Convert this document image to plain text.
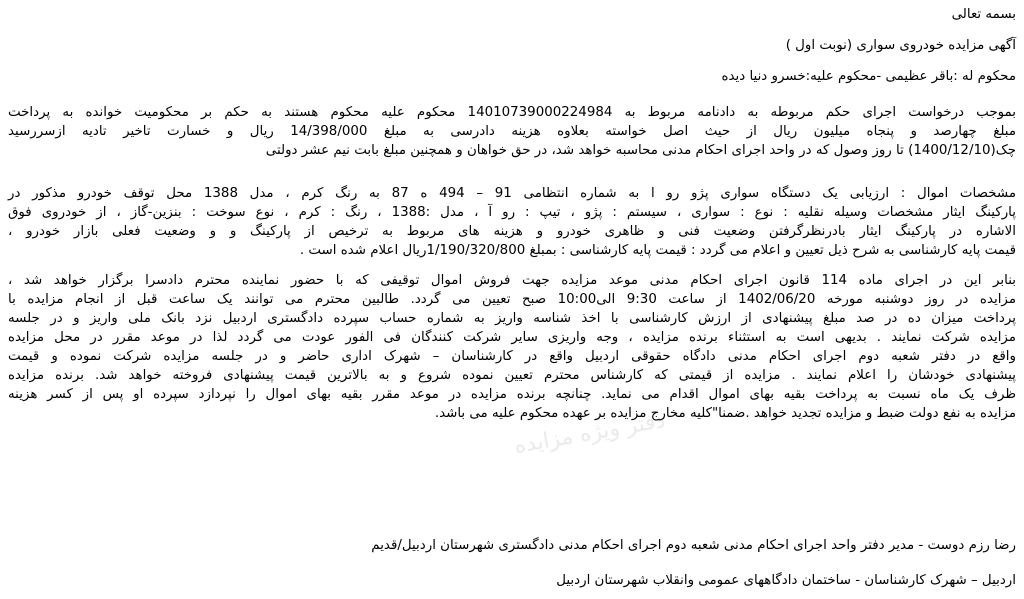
بسمه تعالی
آگهی مزایده خودروی سواری (نوبت اول )
محکوم له :باقر عظیمی -محکوم علیه:خسرو دنیا دیده
بموجب درخواست اجرای حکم مربوطه به دادنامه مربوط به 14010739000224984 محکوم علیه محکوم هستند به حکم بر محکومیت خوانده به پرداخت
مبلغ چهارصد و پنجاه میلیون ریال از حیث اصل خواسته بعلاوه هزینه دادرسی به مبلغ 14/398/000 ریال و خسارت تاخیر تادیه ازسررسید
چک(1400/12/10) تا روز وصول که در واحد اجرای احکام مدنی محاسبه خواهد شد، در حق خواهان و همچنین مبلغ بابت نیم عشر دولتی
مشخصات اموال : ارزیابی یک دستگاه سواری پژو رو ا به شماره انتظامی 91 – 494 ه 87 به رنگ کرم ، مدل 1388 محل توقف خودرو مذکور در
پارکینگ ایثار مشخصات وسیله نقلیه : نوع : سواری ، سیستم : پژو ، تیپ : رو آ ، مدل :1388 ، رنگ : کرم ، نوع سوخت : بنزین-گاز ، از خودروی فوق
الاشاره در پارکینگ ایثار بادرنظرگرفتن وضعیت فنی و ظاهری خودرو و هزینه های مربوط به ترخیص از پارکینگ و و وضعیت فعلی بازار خودرو ،
قیمت پایه کارشناسی به شرح ذیل تعیین و اعلام می گردد : قیمت پایه کارشناسی : بمبلغ 1/190/320/800ریال اعلام شده است .
بنابر این در اجرای ماده 114 قانون اجرای احکام مدنی موعد مزایده جهت فروش اموال توقیفی که با حضور نماینده محترم دادسرا برگزار خواهد شد ،
مزایده در روز دوشنبه مورخه 1402/06/20 از ساعت 9:30 الی10:00 صبح تعیین می گردد. طالبین محترم می توانند یک ساعت قبل از انجام مزایده با
پرداخت میزان ده در صد مبلغ پیشنهادی از ارزش کارشناسی با اخذ شناسه واریز به شماره حساب سپرده دادگستری اردبیل نزد بانک ملی واریز و در جلسه
مزایده شرکت نمایند . بدیهی است به استثناء برنده مزایده ، وجه واریزی سایر شرکت کنندگان فی الفور عودت می گردد لذا در موعد مقرر در محل مزایده
واقع در دفتر شعبه دوم اجرای احکام مدنی دادگاه حقوقی اردبیل واقع در کارشناسان – شهرک اداری حاضر و در جلسه مزایده شرکت نموده و قیمت
پیشنهادی خودشان را اعلام نمایند . مزایده از قیمتی که کارشناس محترم تعیین نموده شروع و به بالاترین قیمت پیشنهادی فروخته خواهد شد. برنده مزایده
ظرف یک ماه نسبت به پرداخت بقیه بهای اموال اقدام می نماید. چنانچه برنده مزایده در موعد مقرر بقیه بهای اموال را نپردازد سپرده او پس از کسر هزینه
مزایده به نفع دولت ضبط و مزایده تجدید خواهد .ضمنا"کلیه مخارج مزایده بر عهده محکوم علیه می باشد.
رضا رزم دوست - مدیر دفتر واحد اجرای احکام مدنی شعبه دوم اجرای احکام مدنی دادگستری شهرستان اردبیل/قدیم
اردبیل – شهرک کارشناسان - ساختمان دادگاههای عمومی وانقلاب شهرستان اردبیل
دفتر ویژه مزایده
